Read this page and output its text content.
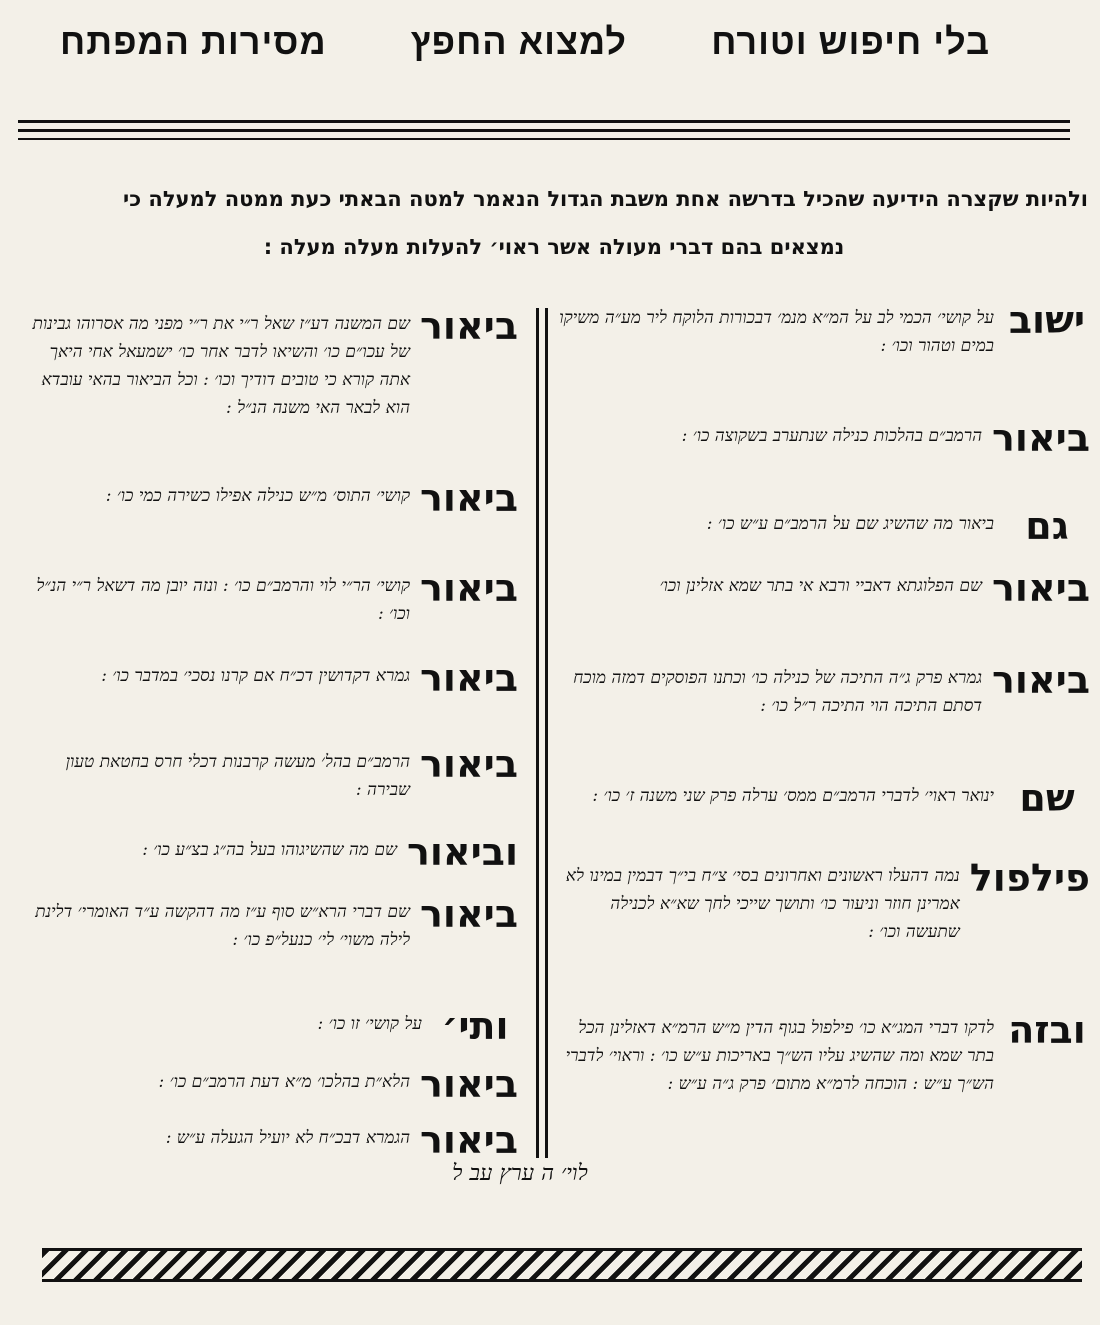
מסירות המפתח למצוא החפץ בלי חיפוש וטורח

ולהיות שקצרה הידיעה שהכיל בדרשה אחת משבת הגדול הנאמר למטה הבאתי כעת ממטה למעלה כי

נמצאים בהם דברי מעולה אשר ראוי׳ להעלות מעלה מעלה :

ישוב
על קושי׳ הכמי לב על המ״א מנמ׳ דבכורות הלוקח ליר מע״ה משיקו במים וטהור וכו׳ :
ביאור
הרמב״ם בהלכות כנילה שנתערב בשקוצה כו׳ :
גם
ביאור מה שהשיג שם על הרמב״ם ע״ש כו׳ :
ביאור
שם הפלוגתא דאביי ורבא אי בתר שמא אזלינן וכו׳
ביאור
גמרא פרק ג״ה התיכה של כנילה כו׳ וכתנו הפוסקים דמזה מוכח דסתם התיכה הוי התיכה ר״ל כו׳ :
שם
ינואר ראוי׳ לדברי הרמב״ם ממס׳ ערלה פרק שני משנה ז׳ כו׳ :
פילפול
נמה דהעלו ראשונים ואחרונים בסי׳ צ״ח בי״ך דבמין במינו לא אמרינן חוזר וניעור כו׳ ותושך שייכי לחך שא״א לכנילה שתעשה וכו׳ :
ובזה
לדקו דברי המג״א כו׳ פילפול בגוף הדין מ״ש הרמ״א דאזלינן הכל בתר שמא ומה שהשיג עליו הש״ך באריכות ע״ש כו׳ : וראוי׳ לדברי הש״ך ע״ש : הוכחה לרמ״א מתום׳ פרק ג״ה ע״ש :
ביאור
שם המשנה דע״ז שאל ר״י את ר״י מפני מה אסרוהו גבינות של עכו״ם כו׳ והשיאו לדבר אחר כו׳ ישמעאל אחי היאך אתה קורא כי טובים דודיך וכו׳ : וכל הביאור בהאי עובדא הוא לבאר האי משנה הנ״ל :
ביאור
קושי׳ התוס׳ מ״ש כנילה אפילו כשירה כמי כו׳ :
ביאור
קושי׳ הר״י לוי והרמב״ם כו׳ : ונזה יובן מה דשאל ר״י הנ״ל וכו׳ :
ביאור
גמרא דקדושין דכ״ח אם קרנו נסכי׳ במדבר כו׳ :
ביאור
הרמב״ם בהל׳ מעשה קרבנות דכלי חרס בחטאת טעון שבירה :
וביאור
שם מה שהשיגוהו בעל בה״ג בצ״ע כו׳ :
ביאור
שם דברי הרא״ש סוף ע״ז מה דהקשה ע״ד האומרי׳ דלינת לילה משוי׳ לי׳ כנעל״פ כו׳ :
ותי׳
על קושי׳ זו כו׳ :
ביאור
הלא״ת בהלכו׳ מ״א דעת הרמב״ם כו׳ :
ביאור
הגמרא דבכ״ח לא יועיל הגעלה ע״ש :
לוי׳ ה ערץ עב ל
